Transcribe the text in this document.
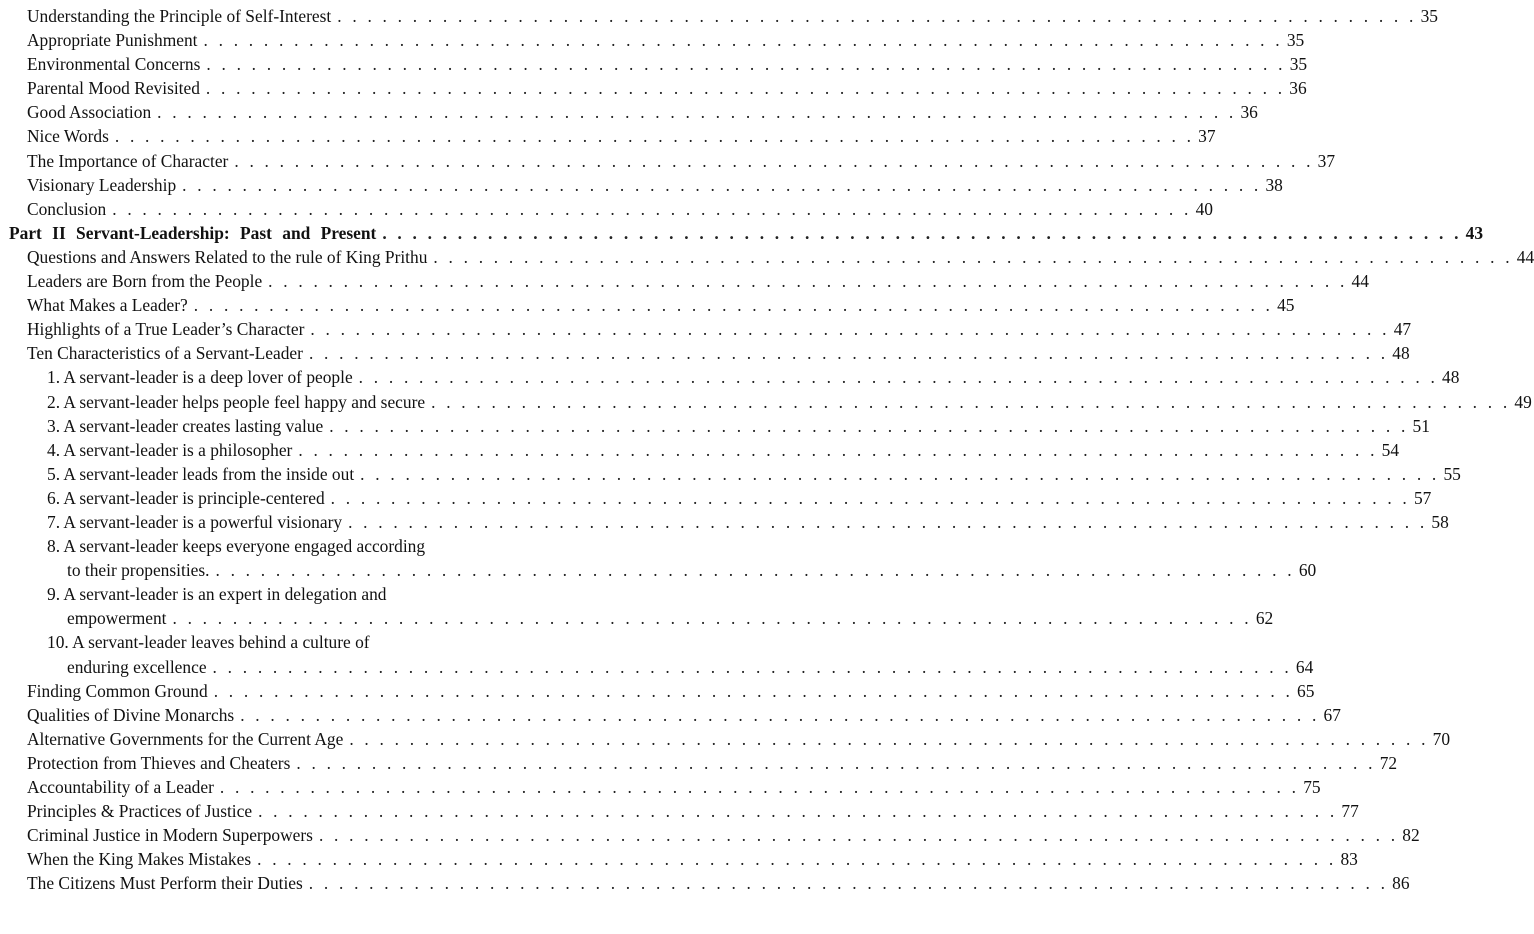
Understanding the Principle of Self-Interest . . . . . . . . . . . . . . . . . . . . . . . . . . . . . . . . . . . . . . . . . . . . . . . . . . . . . . . . . . . . . . . . . . . . . . . . 35
Appropriate Punishment . . . . . . . . . . . . . . . . . . . . . . . . . . . . . . . . . . . . . . . . . . . . . . . . . . . . . . . . . . . . . . . . . . . . . . . . 35
Environmental Concerns . . . . . . . . . . . . . . . . . . . . . . . . . . . . . . . . . . . . . . . . . . . . . . . . . . . . . . . . . . . . . . . . . . . . . . . . 35
Parental Mood Revisited . . . . . . . . . . . . . . . . . . . . . . . . . . . . . . . . . . . . . . . . . . . . . . . . . . . . . . . . . . . . . . . . . . . . . . . . 36
Good Association . . . . . . . . . . . . . . . . . . . . . . . . . . . . . . . . . . . . . . . . . . . . . . . . . . . . . . . . . . . . . . . . . . . . . . . . 36
Nice Words . . . . . . . . . . . . . . . . . . . . . . . . . . . . . . . . . . . . . . . . . . . . . . . . . . . . . . . . . . . . . . . . . . . . . . . . 37
The Importance of Character . . . . . . . . . . . . . . . . . . . . . . . . . . . . . . . . . . . . . . . . . . . . . . . . . . . . . . . . . . . . . . . . . . . . . . . . 37
Visionary Leadership . . . . . . . . . . . . . . . . . . . . . . . . . . . . . . . . . . . . . . . . . . . . . . . . . . . . . . . . . . . . . . . . . . . . . . . . 38
Conclusion . . . . . . . . . . . . . . . . . . . . . . . . . . . . . . . . . . . . . . . . . . . . . . . . . . . . . . . . . . . . . . . . . . . . . . . . 40
Part II Servant-Leadership: Past and Present . . . . . . . . . . . . . . . . . . . . . . . . . . . . . . . . . . . . . . . . . . . . . . . . . . . . . . . . . . . . . . . . . . . . . . . . 43
Questions and Answers Related to the rule of King Prithu . . . . . . . . . . . . . . . . . . . . . . . . . . . . . . . . . . . . . . . . . . . . . . . . . . . . . . . . . . . . . . . . . . . . . . . . 44
Leaders are Born from the People . . . . . . . . . . . . . . . . . . . . . . . . . . . . . . . . . . . . . . . . . . . . . . . . . . . . . . . . . . . . . . . . . . . . . . . . 44
What Makes a Leader? . . . . . . . . . . . . . . . . . . . . . . . . . . . . . . . . . . . . . . . . . . . . . . . . . . . . . . . . . . . . . . . . . . . . . . . . 45
Highlights of a True Leader’s Character . . . . . . . . . . . . . . . . . . . . . . . . . . . . . . . . . . . . . . . . . . . . . . . . . . . . . . . . . . . . . . . . . . . . . . . . 47
Ten Characteristics of a Servant-Leader . . . . . . . . . . . . . . . . . . . . . . . . . . . . . . . . . . . . . . . . . . . . . . . . . . . . . . . . . . . . . . . . . . . . . . . . 48
1. A servant-leader is a deep lover of people . . . . . . . . . . . . . . . . . . . . . . . . . . . . . . . . . . . . . . . . . . . . . . . . . . . . . . . . . . . . . . . . . . . . . . . . 48
2. A servant-leader helps people feel happy and secure . . . . . . . . . . . . . . . . . . . . . . . . . . . . . . . . . . . . . . . . . . . . . . . . . . . . . . . . . . . . . . . . . . . . . . . . 49
3. A servant-leader creates lasting value . . . . . . . . . . . . . . . . . . . . . . . . . . . . . . . . . . . . . . . . . . . . . . . . . . . . . . . . . . . . . . . . . . . . . . . . 51
4. A servant-leader is a philosopher . . . . . . . . . . . . . . . . . . . . . . . . . . . . . . . . . . . . . . . . . . . . . . . . . . . . . . . . . . . . . . . . . . . . . . . . 54
5. A servant-leader leads from the inside out . . . . . . . . . . . . . . . . . . . . . . . . . . . . . . . . . . . . . . . . . . . . . . . . . . . . . . . . . . . . . . . . . . . . . . . . 55
6. A servant-leader is principle-centered . . . . . . . . . . . . . . . . . . . . . . . . . . . . . . . . . . . . . . . . . . . . . . . . . . . . . . . . . . . . . . . . . . . . . . . . 57
7. A servant-leader is a powerful visionary . . . . . . . . . . . . . . . . . . . . . . . . . . . . . . . . . . . . . . . . . . . . . . . . . . . . . . . . . . . . . . . . . . . . . . . . 58
8. A servant-leader keeps everyone engaged according
to their propensities. . . . . . . . . . . . . . . . . . . . . . . . . . . . . . . . . . . . . . . . . . . . . . . . . . . . . . . . . . . . . . . . . . . . . . . . . 60
9. A servant-leader is an expert in delegation and
empowerment . . . . . . . . . . . . . . . . . . . . . . . . . . . . . . . . . . . . . . . . . . . . . . . . . . . . . . . . . . . . . . . . . . . . . . . . 62
10. A servant-leader leaves behind a culture of
enduring excellence . . . . . . . . . . . . . . . . . . . . . . . . . . . . . . . . . . . . . . . . . . . . . . . . . . . . . . . . . . . . . . . . . . . . . . . . 64
Finding Common Ground . . . . . . . . . . . . . . . . . . . . . . . . . . . . . . . . . . . . . . . . . . . . . . . . . . . . . . . . . . . . . . . . . . . . . . . . 65
Qualities of Divine Monarchs . . . . . . . . . . . . . . . . . . . . . . . . . . . . . . . . . . . . . . . . . . . . . . . . . . . . . . . . . . . . . . . . . . . . . . . . 67
Alternative Governments for the Current Age . . . . . . . . . . . . . . . . . . . . . . . . . . . . . . . . . . . . . . . . . . . . . . . . . . . . . . . . . . . . . . . . . . . . . . . . 70
Protection from Thieves and Cheaters . . . . . . . . . . . . . . . . . . . . . . . . . . . . . . . . . . . . . . . . . . . . . . . . . . . . . . . . . . . . . . . . . . . . . . . . 72
Accountability of a Leader . . . . . . . . . . . . . . . . . . . . . . . . . . . . . . . . . . . . . . . . . . . . . . . . . . . . . . . . . . . . . . . . . . . . . . . . 75
Principles & Practices of Justice . . . . . . . . . . . . . . . . . . . . . . . . . . . . . . . . . . . . . . . . . . . . . . . . . . . . . . . . . . . . . . . . . . . . . . . . 77
Criminal Justice in Modern Superpowers . . . . . . . . . . . . . . . . . . . . . . . . . . . . . . . . . . . . . . . . . . . . . . . . . . . . . . . . . . . . . . . . . . . . . . . . 82
When the King Makes Mistakes . . . . . . . . . . . . . . . . . . . . . . . . . . . . . . . . . . . . . . . . . . . . . . . . . . . . . . . . . . . . . . . . . . . . . . . . 83
The Citizens Must Perform their Duties . . . . . . . . . . . . . . . . . . . . . . . . . . . . . . . . . . . . . . . . . . . . . . . . . . . . . . . . . . . . . . . . . . . . . . . . 86
